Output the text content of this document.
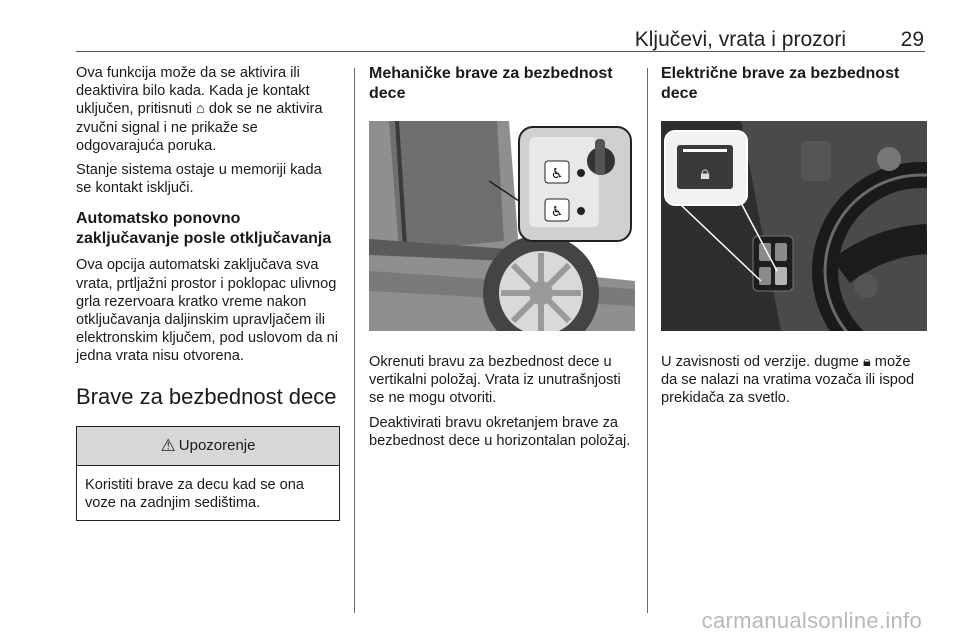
Ključevi, vrata i prozori	29

Ova funkcija može da se aktivira ili deaktivira bilo kada. Kada je kontakt uključen, pritisnuti ⌂ dok se ne aktivira zvučni signal i ne prikaže se odgovarajuća poruka.

Stanje sistema ostaje u memoriji kada se kontakt isključi.

Automatsko ponovno zaključavanje posle otključavanja

Ova opcija automatski zaključava sva vrata, prtljažni prostor i poklopac ulivnog grla rezervoara kratko vreme nakon otključavanja daljinskim upravljačem ili elektronskim ključem, pod uslovom da ni jedna vrata nisu otvorena.

Brave za bezbednost dece
⚠ Upozorenje
Koristiti brave za decu kad se ona voze na zadnjim sedištima.
Mehaničke brave za bezbednost dece
♿
♿

Okrenuti bravu za bezbednost dece u vertikalni položaj. Vrata iz unutrašnjosti se ne mogu otvoriti.

Deaktivirati bravu okretanjem brave za bezbednost dece u horizontalan položaj.

Električne brave za bezbednost dece
🔒︎

U zavisnosti od verzije. dugme 🔒︎ može da se nalazi na vratima vozača ili ispod prekidača za svetlo.

carmanualsonline.info
